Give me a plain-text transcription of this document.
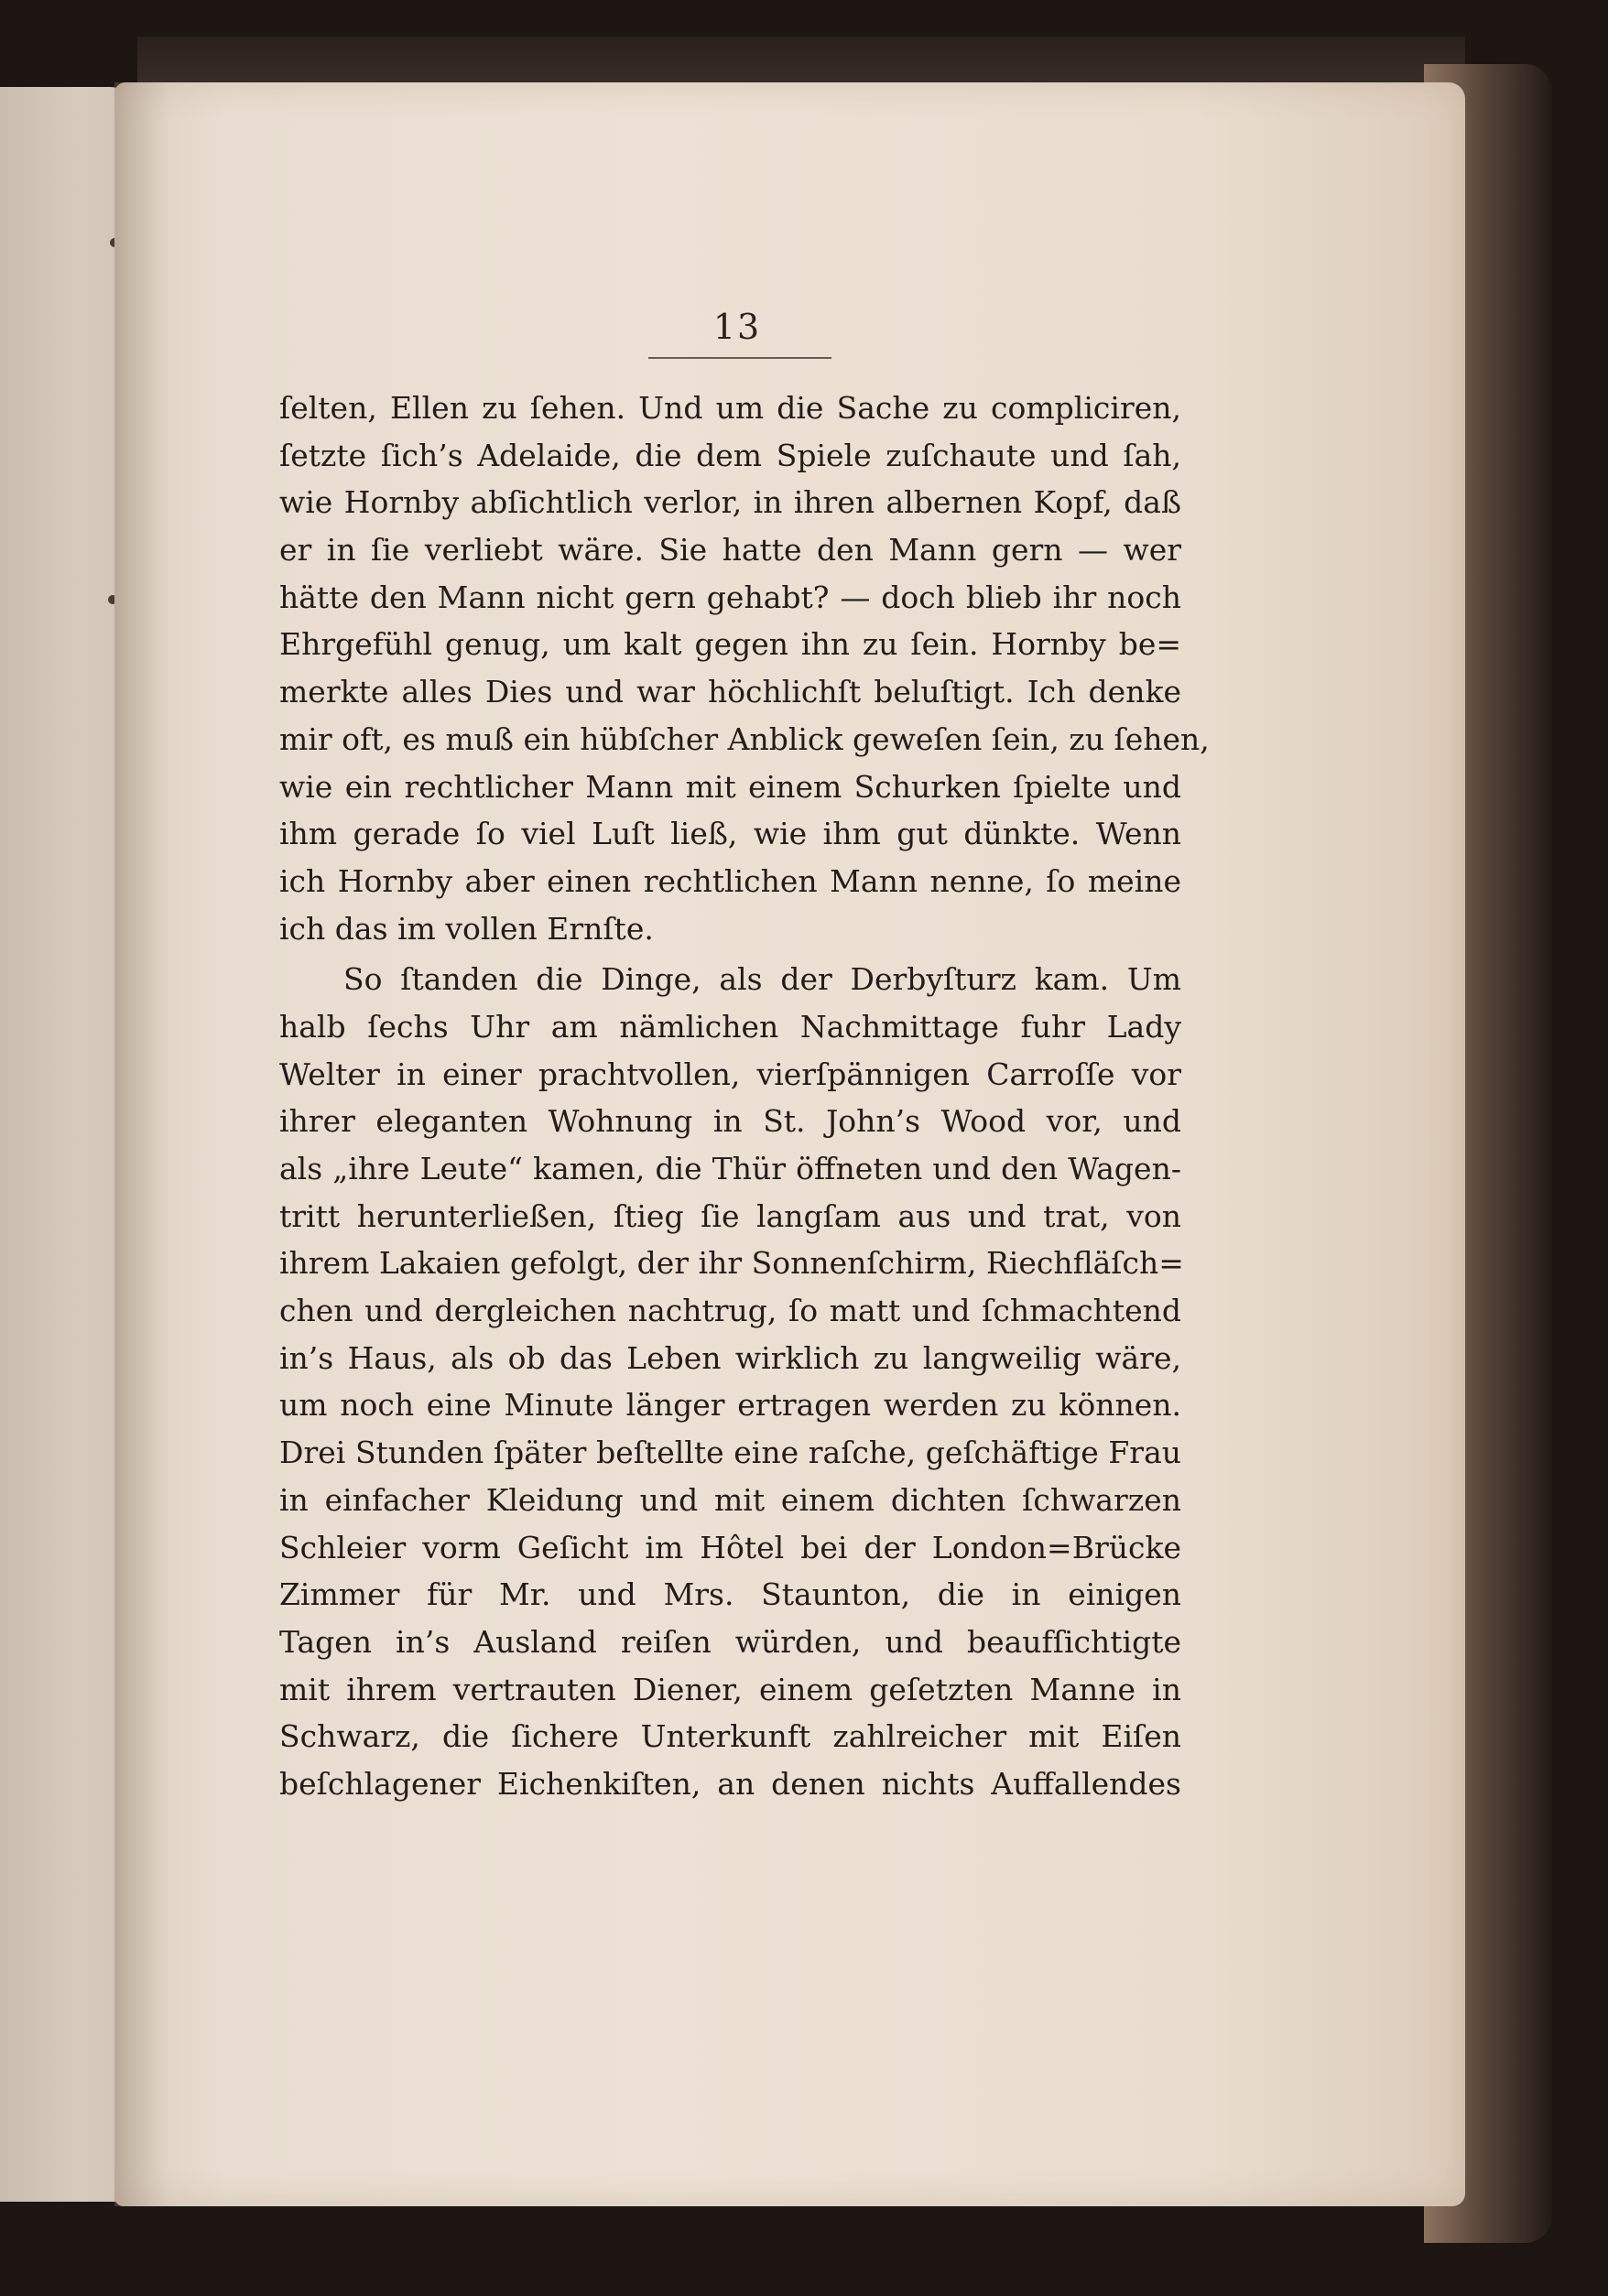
13
ſelten, Ellen zu ſehen. Und um die Sache zu compliciren,
ſetzte ſich’s Adelaide, die dem Spiele zuſchaute und ſah,
wie Hornby abſichtlich verlor, in ihren albernen Kopf, daß
er in ſie verliebt wäre. Sie hatte den Mann gern — wer
hätte den Mann nicht gern gehabt? — doch blieb ihr noch
Ehrgefühl genug, um kalt gegen ihn zu ſein. Hornby be=
merkte alles Dies und war höchlichſt beluſtigt. Ich denke
mir oft, es muß ein hübſcher Anblick geweſen ſein, zu ſehen,
wie ein rechtlicher Mann mit einem Schurken ſpielte und
ihm gerade ſo viel Luſt ließ, wie ihm gut dünkte. Wenn
ich Hornby aber einen rechtlichen Mann nenne, ſo meine
ich das im vollen Ernſte.
So ſtanden die Dinge, als der Derbyſturz kam. Um
halb ſechs Uhr am nämlichen Nachmittage fuhr Lady
Welter in einer prachtvollen, vierſpännigen Carroſſe vor
ihrer eleganten Wohnung in St. John’s Wood vor, und
als „ihre Leute“ kamen, die Thür öffneten und den Wagen-
tritt herunterließen, ſtieg ſie langſam aus und trat, von
ihrem Lakaien gefolgt, der ihr Sonnenſchirm, Riechfläſch=
chen und dergleichen nachtrug, ſo matt und ſchmachtend
in’s Haus, als ob das Leben wirklich zu langweilig wäre,
um noch eine Minute länger ertragen werden zu können.
Drei Stunden ſpäter beſtellte eine raſche, geſchäftige Frau
in einfacher Kleidung und mit einem dichten ſchwarzen
Schleier vorm Geſicht im Hôtel bei der London=Brücke
Zimmer für Mr. und Mrs. Staunton, die in einigen
Tagen in’s Ausland reiſen würden, und beaufſichtigte
mit ihrem vertrauten Diener, einem geſetzten Manne in
Schwarz, die ſichere Unterkunft zahlreicher mit Eiſen
beſchlagener Eichenkiſten, an denen nichts Auffallendes
